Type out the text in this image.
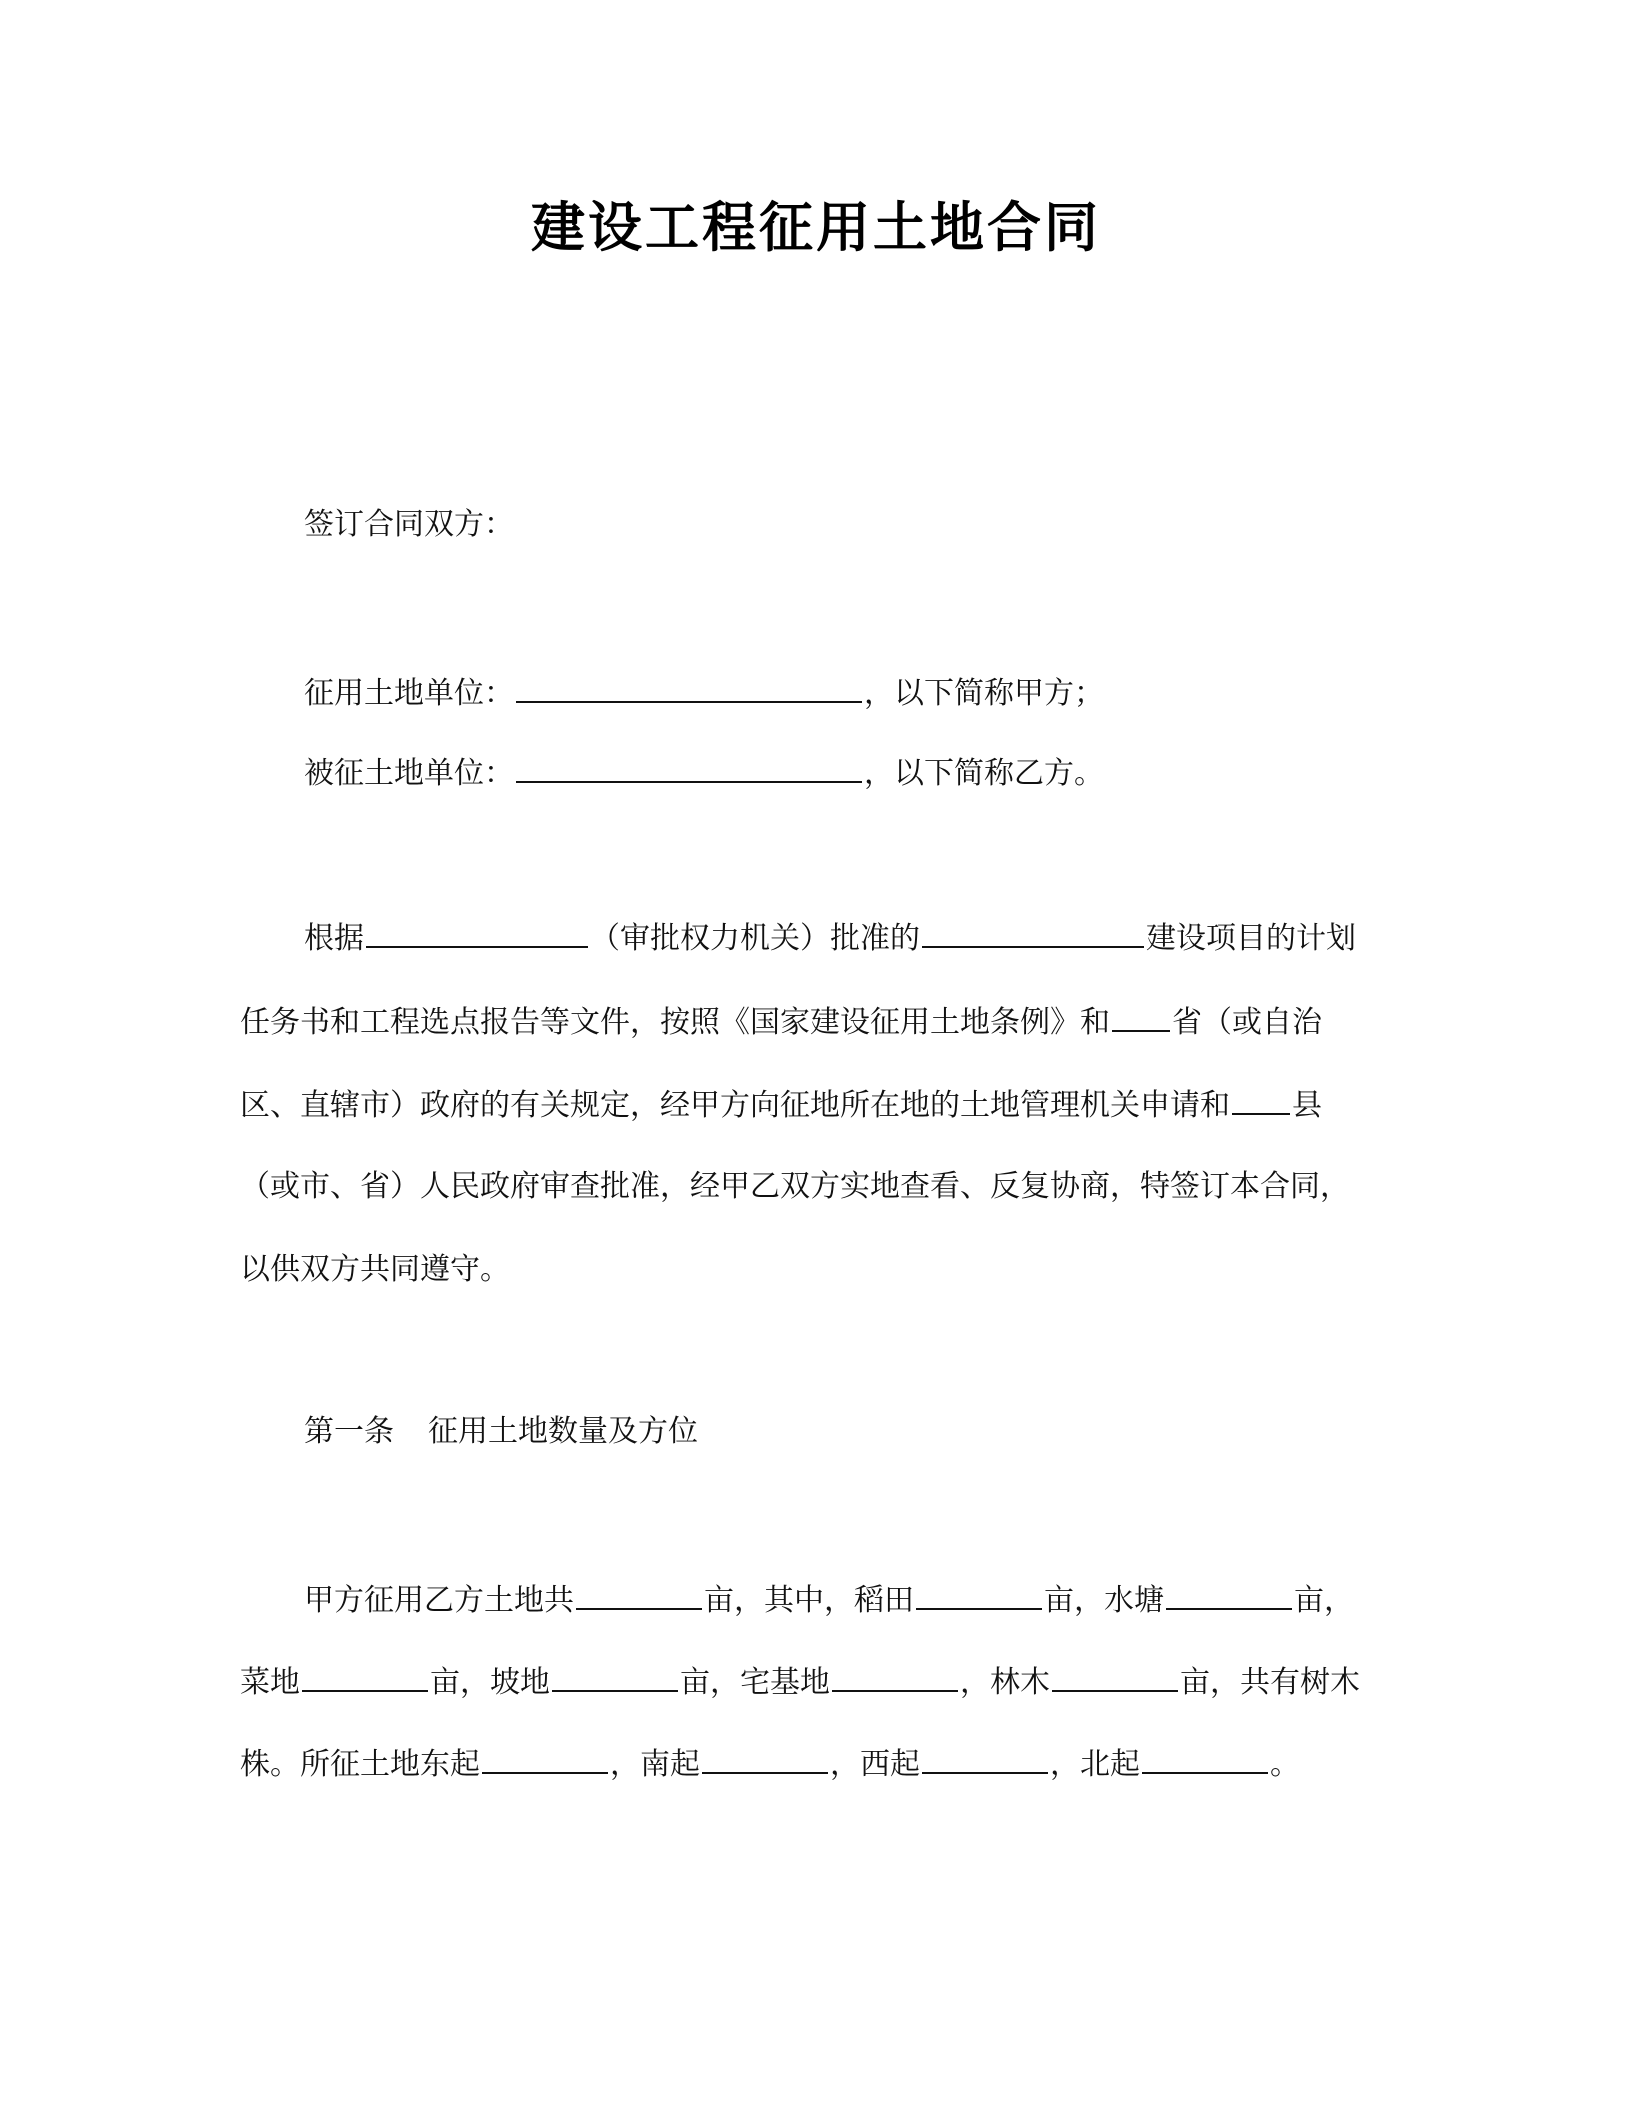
建设工程征用土地合同
签订合同双方：
征用土地单位：	，以下简称甲方；
被征土地单位：	，以下简称乙方。
根据	（审批权力机关）批准的	建设项目的计划
任务书和工程选点报告等文件，按照《国家建设征用土地条例》和 省（或自治
区、直辖市）政府的有关规定，经甲方向征地所在地的土地管理机关申请和 县
（或市、省）人民政府审查批准，经甲乙双方实地查看、反复协商，特签订本合同，
以供双方共同遵守。
第一条 征用土地数量及方位
甲方征用乙方土地共	亩，其中，稻田	亩，水塘	亩，
菜地	亩，坡地	亩，宅基地	，林木	亩，共有树木
株。所征土地东起	，南起	，西起	，北起	。
